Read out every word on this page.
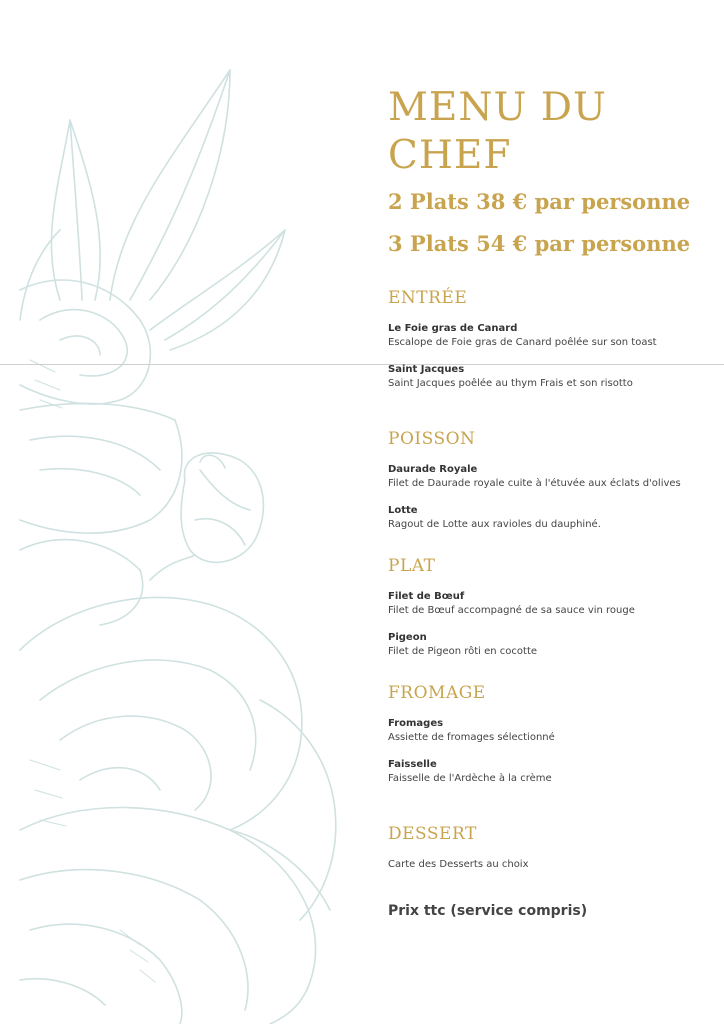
MENU DU
CHEF

2 Plats 38 € par personne

3 Plats 54 € par personne

ENTRÉE
Le Foie gras de Canard
Escalope de Foie gras de Canard poêlée sur son toast
Saint Jacques
Saint Jacques poêlée au thym Frais et son risotto
POISSON
Daurade Royale
Filet de Daurade royale cuite à l'étuvée aux éclats d'olives
Lotte
Ragout de Lotte aux ravioles du dauphiné.
PLAT
Filet de Bœuf
Filet de Bœuf accompagné de sa sauce vin rouge
Pigeon
Filet de Pigeon rôti en cocotte
FROMAGE
Fromages
Assiette de fromages sélectionné
Faisselle
Faisselle de l'Ardèche à la crème
DESSERT
Carte des Desserts au choix
Prix ttc (service compris)
